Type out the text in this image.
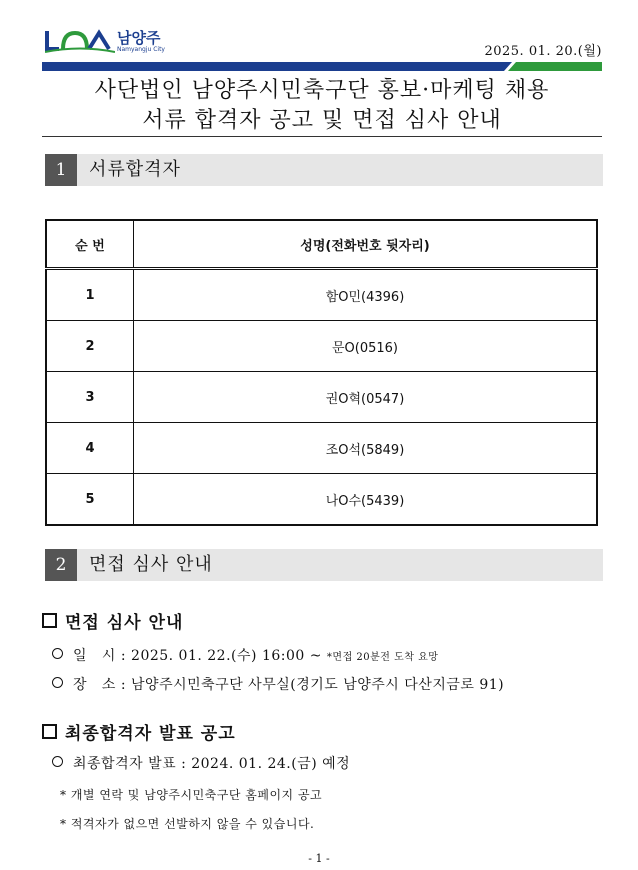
남양주
Namyangju City	2025. 01. 20.(월)
사단법인 남양주시민축구단 홍보·마케팅 채용
서류 합격자 공고 및 면접 심사 안내
1	서류합격자
순 번	성명(전화번호 뒷자리)
1	함O민(4396)
2	문O(0516)
3	권O혁(0547)
4	조O석(5849)
5	나O수(5439)
2	면접 심사 안내
면접 심사 안내
일   시 : 2025. 01. 22.(수) 16:00 ~ *면접 20분전 도착 요망
장   소 : 남양주시민축구단 사무실(경기도 남양주시 다산지금로 91)
최종합격자 발표 공고
최종합격자 발표 : 2024. 01. 24.(금) 예정
* 개별 연락 및 남양주시민축구단 홈페이지 공고
* 적격자가 없으면 선발하지 않을 수 있습니다.
- 1 -
